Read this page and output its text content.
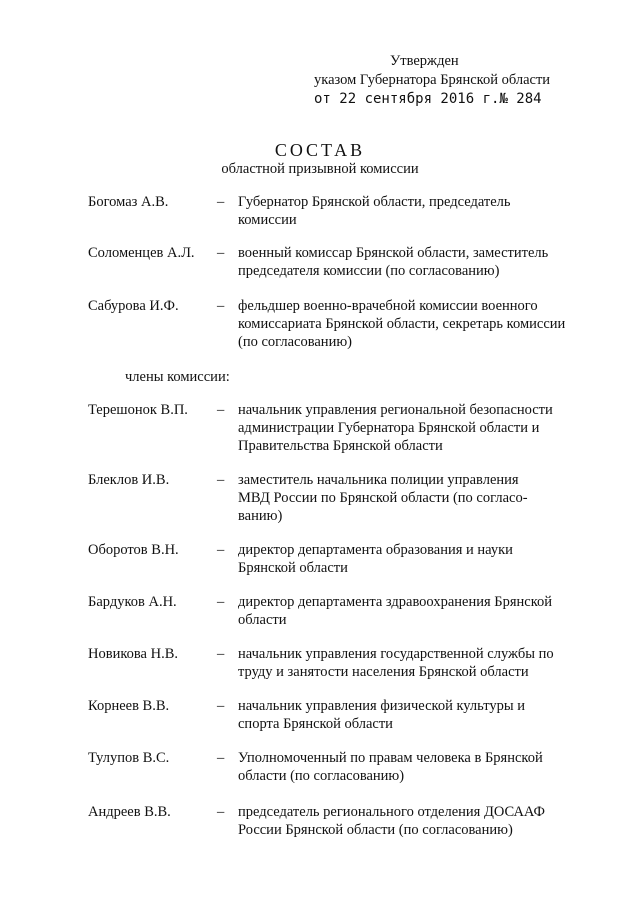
Утвержден
указом Губернатора Брянской области
от 22 сентября 2016 г.№ 284
СОСТАВ
областной призывной комиссии
члены комиссии:
Богомаз А.В.	– Губернатор Брянской области, председатель
комиссии
Соломенцев А.Л. – военный комиссар Брянской области, заместитель
председателя комиссии (по согласованию)
Сабурова И.Ф.	– фельдшер военно-врачебной комиссии военного
комиссариата Брянской области, секретарь комиссии
(по согласованию)
Терешонок В.П. – начальник управления региональной безопасности
администрации Губернатора Брянской области и
Правительства Брянской области
Блеклов И.В.	– заместитель начальника полиции управления
МВД России по Брянской области (по согласо-
ванию)
Оборотов В.Н.	– директор департамента образования и науки
Брянской области
Бардуков А.Н.	– директор департамента здравоохранения Брянской
области
Новикова Н.В.	– начальник управления государственной службы по
труду и занятости населения Брянской области
Корнеев В.В.	– начальник управления физической культуры и
спорта Брянской области
Тулупов В.С.	– Уполномоченный по правам человека в Брянской
области (по согласованию)
Андреев В.В.	– председатель регионального отделения ДОСААФ
России Брянской области (по согласованию)
